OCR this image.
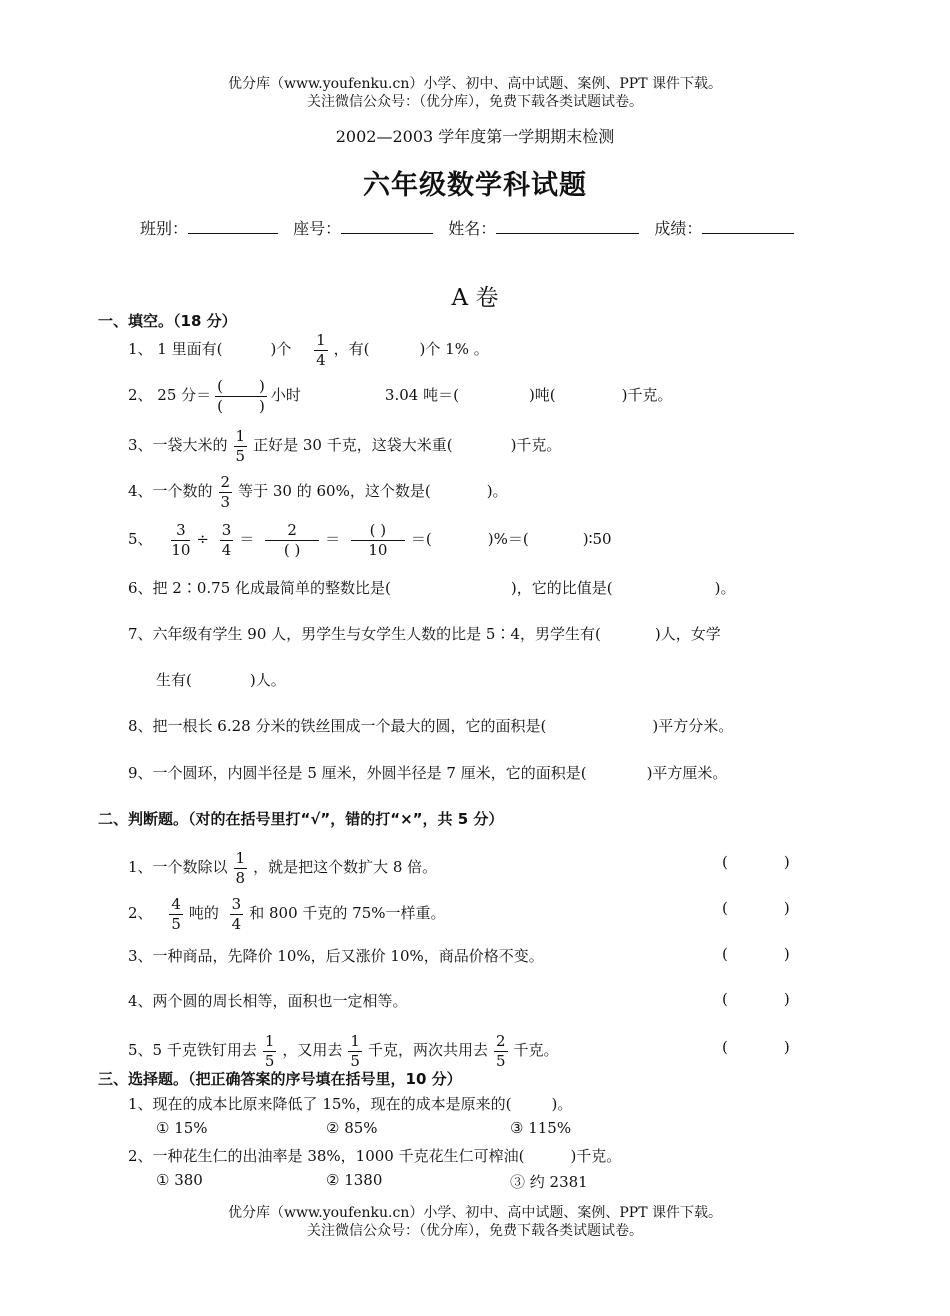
优分库（www.youfenku.cn）小学、初中、高中试题、案例、PPT 课件下载。
关注微信公众号：（优分库），免费下载各类试题试卷。
2002—2003 学年度第一学期期末检测
六年级数学科试题
班别：	座号：	姓名：	成绩：
A 卷
一、填空。（18 分）
1、 1 里面有(	)个 $\frac{1}{4}$ ，有(	)个 1% 。
2、 25 分＝ ( )
( )
小时	3.04 吨＝(	)吨(	)千克。
3、一袋大米的 $\frac{1}{5}$ 正好是 30 千克，这袋大米重(	)千克。
4、一个数的 $\frac{2}{3}$ 等于 30 的 60%，这个数是(	)。
5、 $\frac{3}{10} \div \frac{3}{4}$ ＝	2
( )
＝	( )
10
＝(	)%＝(	)∶50
6、把 2∶0.75 化成最简单的整数比是(	)，它的比值是(	)。
7、六年级有学生 90 人，男学生与女学生人数的比是 5∶4，男学生有(	)人，女学
生有(	)人。
8、把一根长 6.28 分米的铁丝围成一个最大的圆，它的面积是(	)平方分米。
9、一个圆环，内圆半径是 5 厘米，外圆半径是 7 厘米，它的面积是(	)平方厘米。
二、判断题。（对的在括号里打“√”，错的打“×”，共 5 分）
1、一个数除以 $\frac{1}{8}$ ，就是把这个数扩大 8 倍。	(	)
2、 $\frac{4}{5}$ 吨的 $\frac{3}{4}$ 和 800 千克的 75%一样重。	(	)
3、一种商品，先降价 10%，后又涨价 10%，商品价格不变。	(	)
4、两个圆的周长相等，面积也一定相等。	(	)
5、5 千克铁钉用去 $\frac{1}{5}$ ，又用去 $\frac{1}{5}$ 千克，两次共用去 $\frac{2}{5}$ 千克。	(	)
三、选择题。（把正确答案的序号填在括号里，10 分）
1、现在的成本比原来降低了 15%，现在的成本是原来的(	)。
① 15%	② 85%	③ 115%
2、一种花生仁的出油率是 38%，1000 千克花生仁可榨油(	)千克。
① 380	② 1380	③ 约 2381
优分库（www.youfenku.cn）小学、初中、高中试题、案例、PPT 课件下载。
关注微信公众号：（优分库），免费下载各类试题试卷。
